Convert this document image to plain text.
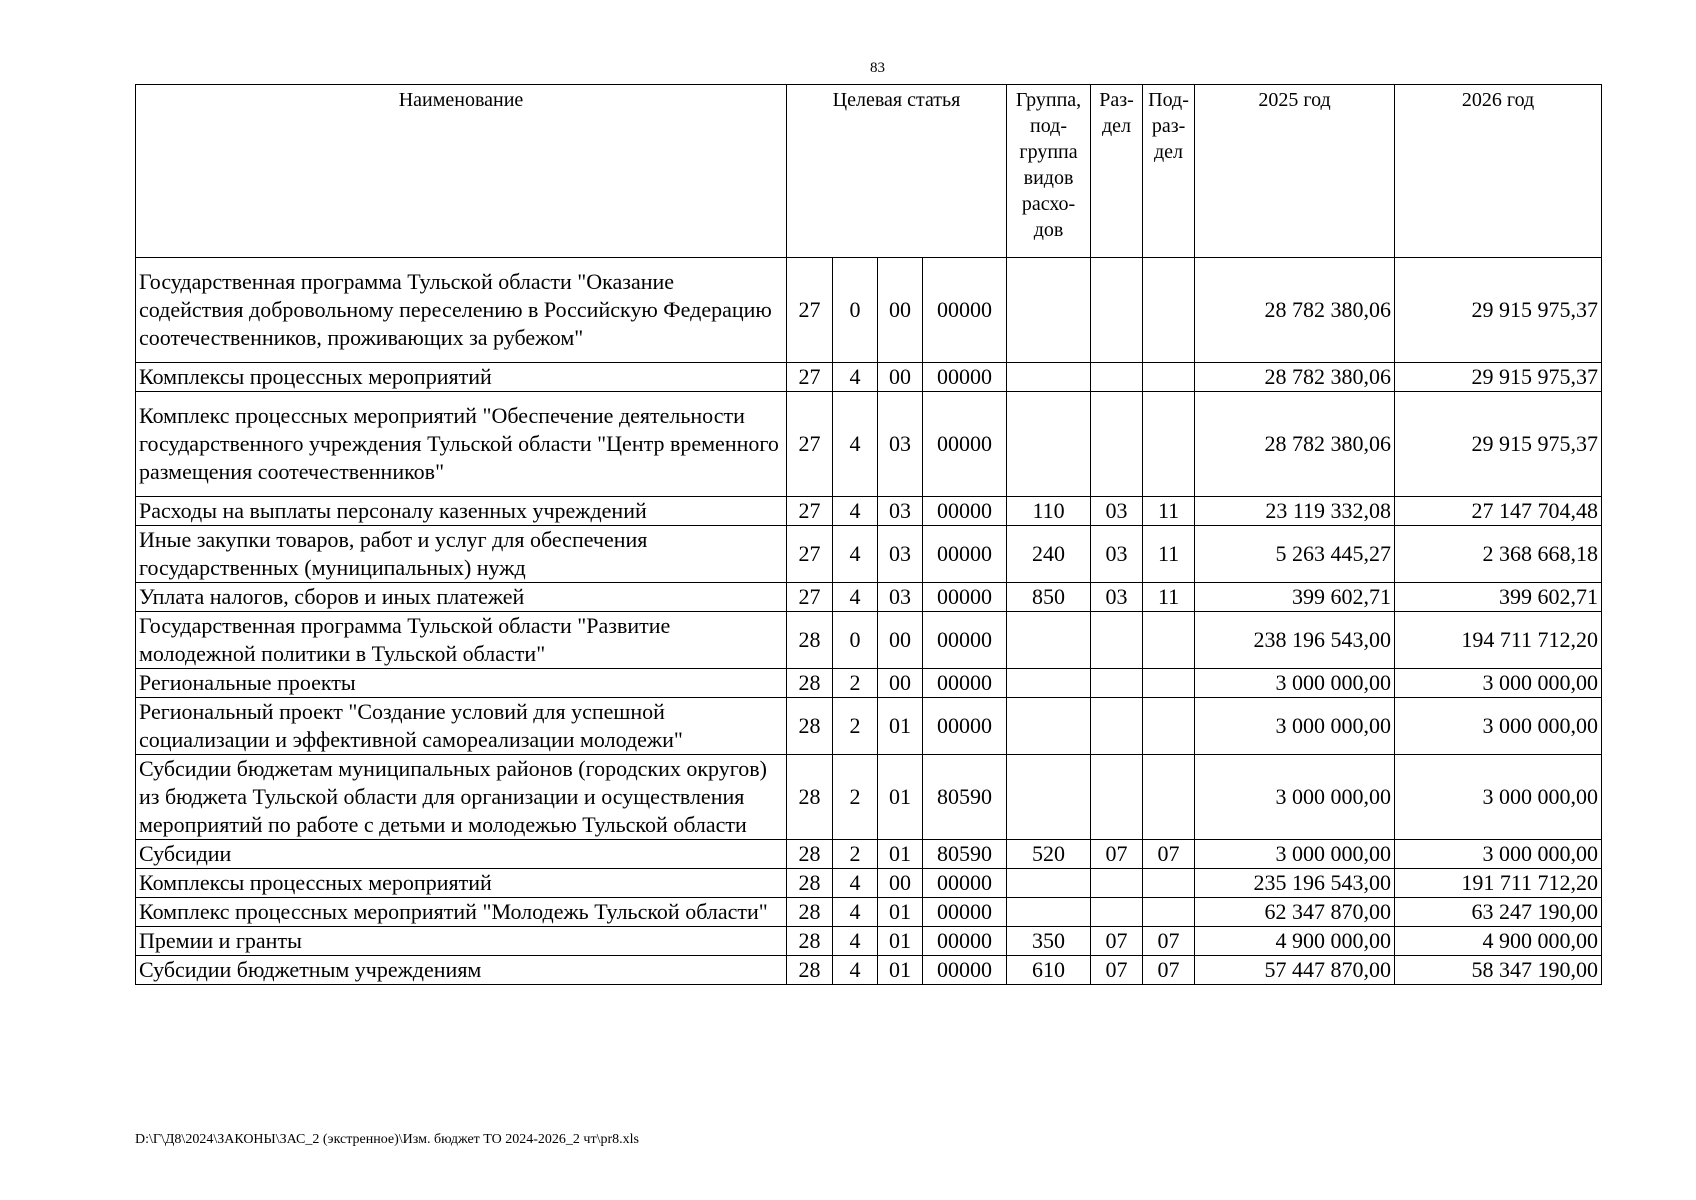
83
Наименование	Целевая статья				Группа, под-группа видов расхо-дов	Раз-дел	Под-раз-дел	2025 год	2026 год
Государственная программа Тульской области "Оказание содействия добровольному переселению в Российскую Федерацию соотечественников, проживающих за рубежом"	27	0	00	00000				28 782 380,06	29 915 975,37
Комплексы процессных мероприятий	27	4	00	00000				28 782 380,06	29 915 975,37
Комплекс процессных мероприятий "Обеспечение деятельности государственного учреждения Тульской области "Центр временного размещения соотечественников"	27	4	03	00000				28 782 380,06	29 915 975,37
Расходы на выплаты персоналу казенных учреждений	27	4	03	00000	110	03	11	23 119 332,08	27 147 704,48
Иные закупки товаров, работ и услуг для обеспечения государственных (муниципальных) нужд	27	4	03	00000	240	03	11	5 263 445,27	2 368 668,18
Уплата налогов, сборов и иных платежей	27	4	03	00000	850	03	11	399 602,71	399 602,71
Государственная программа Тульской области "Развитие молодежной политики в Тульской области"	28	0	00	00000				238 196 543,00	194 711 712,20
Региональные проекты	28	2	00	00000				3 000 000,00	3 000 000,00
Региональный проект "Создание условий для успешной социализации и эффективной самореализации молодежи"	28	2	01	00000				3 000 000,00	3 000 000,00
Субсидии бюджетам муниципальных районов (городских округов) из бюджета Тульской области для организации и осуществления мероприятий по работе с детьми и молодежью Тульской области	28	2	01	80590				3 000 000,00	3 000 000,00
Субсидии	28	2	01	80590	520	07	07	3 000 000,00	3 000 000,00
Комплексы процессных мероприятий	28	4	00	00000				235 196 543,00	191 711 712,20
Комплекс процессных мероприятий "Молодежь Тульской области"	28	4	01	00000				62 347 870,00	63 247 190,00
Премии и гранты	28	4	01	00000	350	07	07	4 900 000,00	4 900 000,00
Субсидии бюджетным учреждениям	28	4	01	00000	610	07	07	57 447 870,00	58 347 190,00
D:\Г\Д8\2024\ЗАКОНЫ\ЗАС_2 (экстренное)\Изм. бюджет ТО 2024-2026_2 чт\pr8.xls
